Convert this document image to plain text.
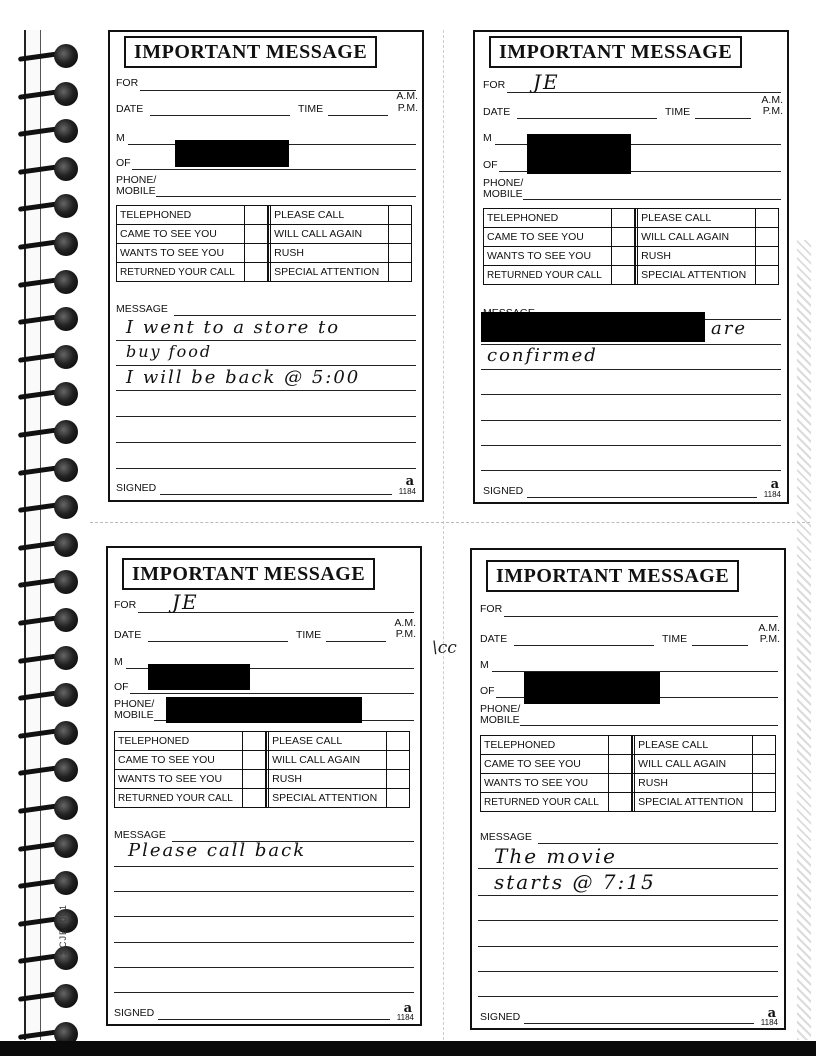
SCJE0001
IMPORTANT MESSAGE
FOR
A.M.
DATE	TIME	P.M.
M
OF
PHONE/
MOBILE
TELEPHONED			PLEASE CALL	
CAME TO SEE YOU			WILL CALL AGAIN	
WANTS TO SEE YOU			RUSH	
RETURNED YOUR CALL			SPECIAL ATTENTION	
MESSAGE
I went to a store to
buy food
I will be back @ 5:00
SIGNED	a
1184
IMPORTANT MESSAGE
FOR JE
A.M.
DATE	TIME	P.M.
M
OF
PHONE/
MOBILE
TELEPHONED			PLEASE CALL	
CAME TO SEE YOU			WILL CALL AGAIN	
WANTS TO SEE YOU			RUSH	
RETURNED YOUR CALL			SPECIAL ATTENTION	
are
confirmed
SIGNED	a
1184
IMPORTANT MESSAGE
FOR JE
A.M.
DATE	TIME	P.M.
M
OF
PHONE/
MOBILE
TELEPHONED			PLEASE CALL	
CAME TO SEE YOU			WILL CALL AGAIN	
WANTS TO SEE YOU			RUSH	
RETURNED YOUR CALL			SPECIAL ATTENTION	
MESSAGE
Please call back
SIGNED	a
1184
IMPORTANT MESSAGE
FOR
A.M.
DATE	TIME	P.M.
M
OF
PHONE/
MOBILE
TELEPHONED			PLEASE CALL	
CAME TO SEE YOU			WILL CALL AGAIN	
WANTS TO SEE YOU			RUSH	
RETURNED YOUR CALL			SPECIAL ATTENTION	
MESSAGE
The movie
starts @ 7:15
SIGNED	a
1184
\cc
